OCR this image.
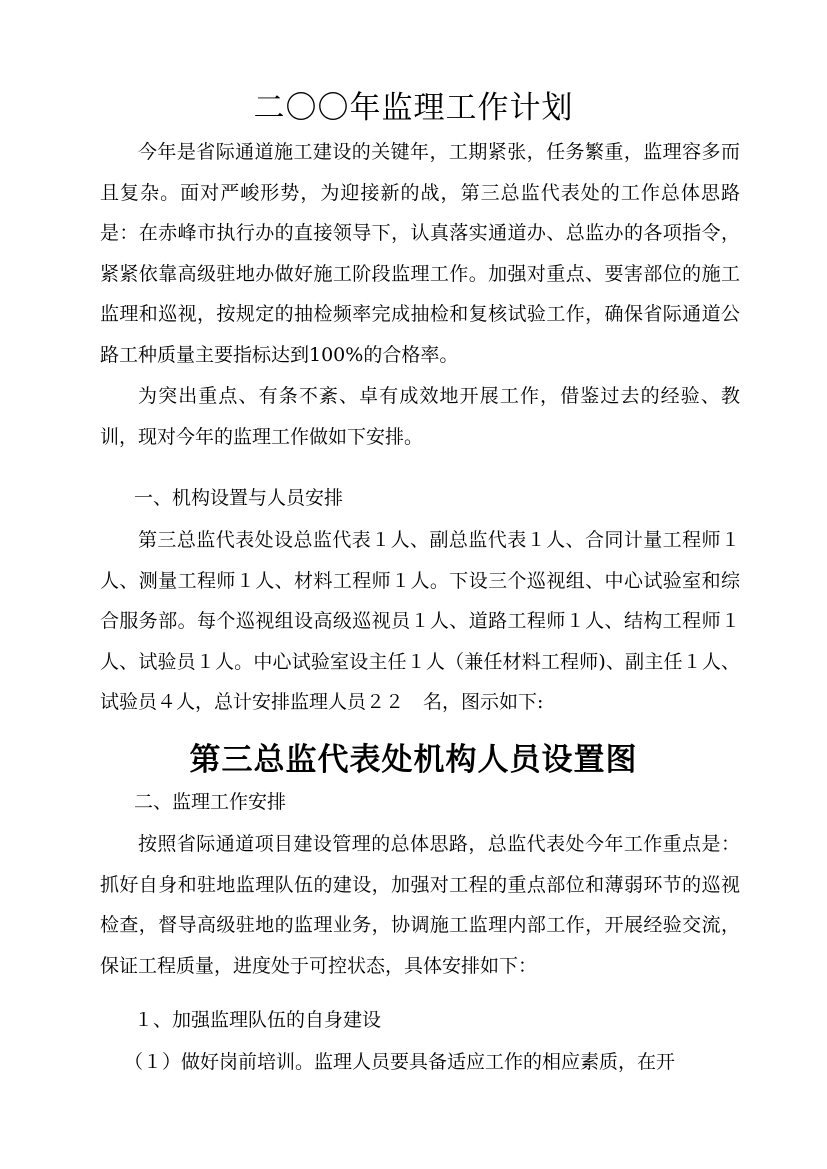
二〇〇年监理工作计划

今年是省际通道施工建设的关键年，工期紧张，任务繁重，监理容多而且复杂。面对严峻形势，为迎接新的战，第三总监代表处的工作总体思路是：在赤峰市执行办的直接领导下，认真落实通道办、总监办的各项指令，紧紧依靠高级驻地办做好施工阶段监理工作。加强对重点、要害部位的施工监理和巡视，按规定的抽检频率完成抽检和复核试验工作，确保省际通道公路工种质量主要指标达到100%的合格率。

为突出重点、有条不紊、卓有成效地开展工作，借鉴过去的经验、教训，现对今年的监理工作做如下安排。

一、机构设置与人员安排

第三总监代表处设总监代表１人、副总监代表１人、合同计量工程师１人、测量工程师１人、材料工程师１人。下设三个巡视组、中心试验室和综合服务部。每个巡视组设高级巡视员１人、道路工程师１人、结构工程师１人、试验员１人。中心试验室设主任１人（兼任材料工程师)、副主任１人、试验员４人，总计安排监理人员２２　名，图示如下:

第三总监代表处机构人员设置图
二、监理工作安排

按照省际通道项目建设管理的总体思路，总监代表处今年工作重点是：抓好自身和驻地监理队伍的建设，加强对工程的重点部位和薄弱环节的巡视检查，督导高级驻地的监理业务，协调施工监理内部工作，开展经验交流，保证工程质量，进度处于可控状态，具体安排如下：

１、加强监理队伍的自身建设
（１）做好岗前培训。监理人员要具备适应工作的相应素质，在开
